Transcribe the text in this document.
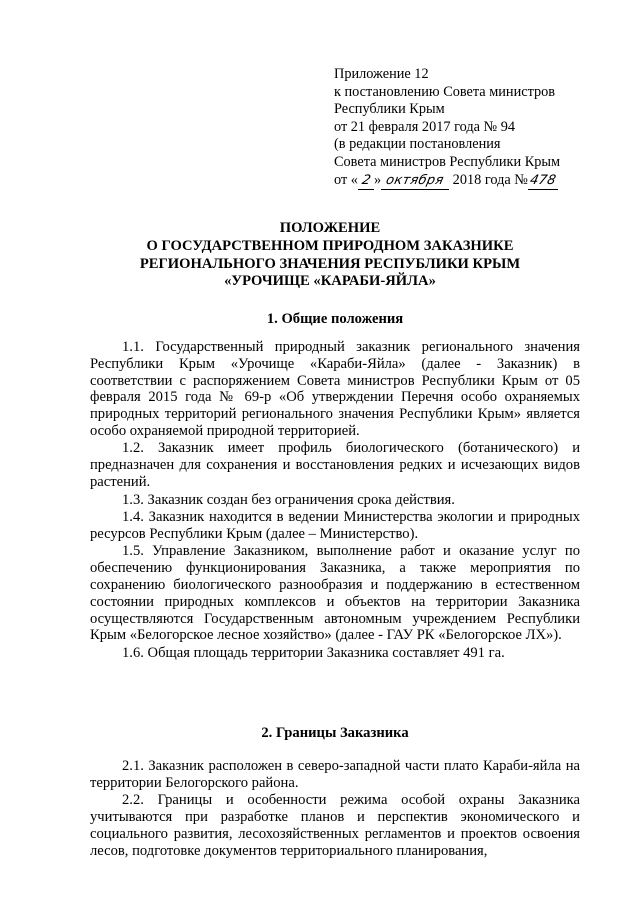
Приложение 12
к постановлению Совета министров
Республики Крым
от 21 февраля 2017 года № 94
(в редакции постановления
Совета министров Республики Крым
от « 2 » октября 2018 года №478
ПОЛОЖЕНИЕ
О ГОСУДАРСТВЕННОМ ПРИРОДНОМ ЗАКАЗНИКЕ
РЕГИОНАЛЬНОГО ЗНАЧЕНИЯ РЕСПУБЛИКИ КРЫМ
«УРОЧИЩЕ «КАРАБИ-ЯЙЛА»
1. Общие положения

1.1. Государственный природный заказник регионального значения Республики Крым «Урочище «Караби-Яйла» (далее - Заказник) в соответствии с распоряжением Совета министров Республики Крым от 05 февраля 2015 года № 69-р «Об утверждении Перечня особо охраняемых природных территорий регионального значения Республики Крым» является особо охраняемой природной территорией.

1.2. Заказник имеет профиль биологического (ботанического) и предназначен для сохранения и восстановления редких и исчезающих видов растений.

1.3. Заказник создан без ограничения срока действия.

1.4. Заказник находится в ведении Министерства экологии и природных ресурсов Республики Крым (далее – Министерство).

1.5. Управление Заказником, выполнение работ и оказание услуг по обеспечению функционирования Заказника, а также мероприятия по сохранению биологического разнообразия и поддержанию в естественном состоянии природных комплексов и объектов на территории Заказника осуществляются Государственным автономным учреждением Республики Крым «Белогорское лесное хозяйство» (далее - ГАУ РК «Белогорское ЛХ»).

1.6. Общая площадь территории Заказника составляет 491 га.

2. Границы Заказника

2.1. Заказник расположен в северо-западной части плато Караби-яйла на территории Белогорского района.

2.2. Границы и особенности режима особой охраны Заказника учитываются при разработке планов и перспектив экономического и социального развития, лесохозяйственных регламентов и проектов освоения лесов, подготовке документов территориального планирования,
